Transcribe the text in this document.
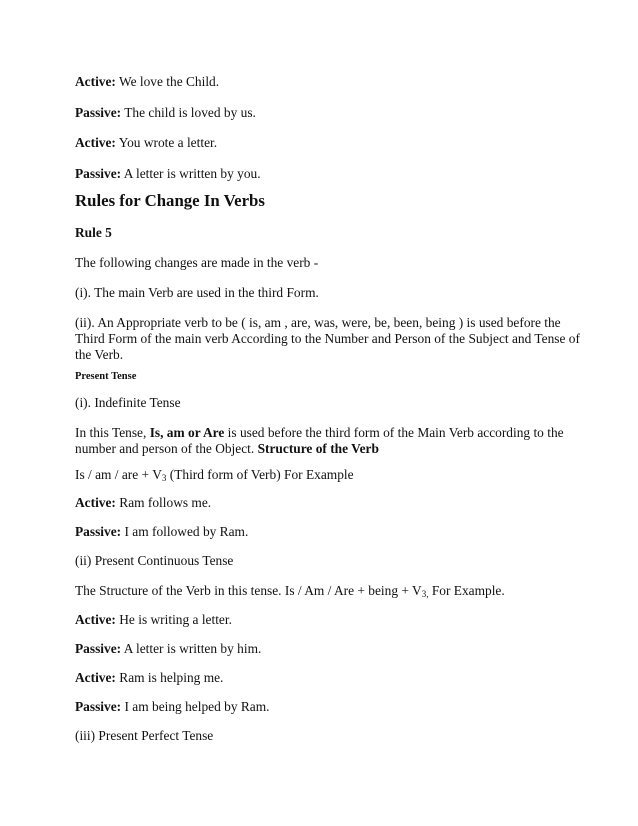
Active: We love the Child.
Passive: The child is loved by us.
Active: You wrote a letter.
Passive: A letter is written by you.
Rules for Change In Verbs
Rule 5
The following changes are made in the verb -
(i). The main Verb are used in the third Form.
(ii). An Appropriate verb to be ( is, am , are, was, were, be, been, being ) is used before the
Third Form of the main verb According to the Number and Person of the Subject and Tense of
the Verb.
Present Tense
(i). Indefinite Tense
In this Tense, Is, am or Are is used before the third form of the Main Verb according to the
number and person of the Object. Structure of the Verb
Is / am / are + $V_3$ (Third form of Verb) For Example
Active: Ram follows me.
Passive: I am followed by Ram.
(ii) Present Continuous Tense
The Structure of the Verb in this tense. Is / Am / Are + being + $V_{3,}$ For Example.
Active: He is writing a letter.
Passive: A letter is written by him.
Active: Ram is helping me.
Passive: I am being helped by Ram.
(iii) Present Perfect Tense
